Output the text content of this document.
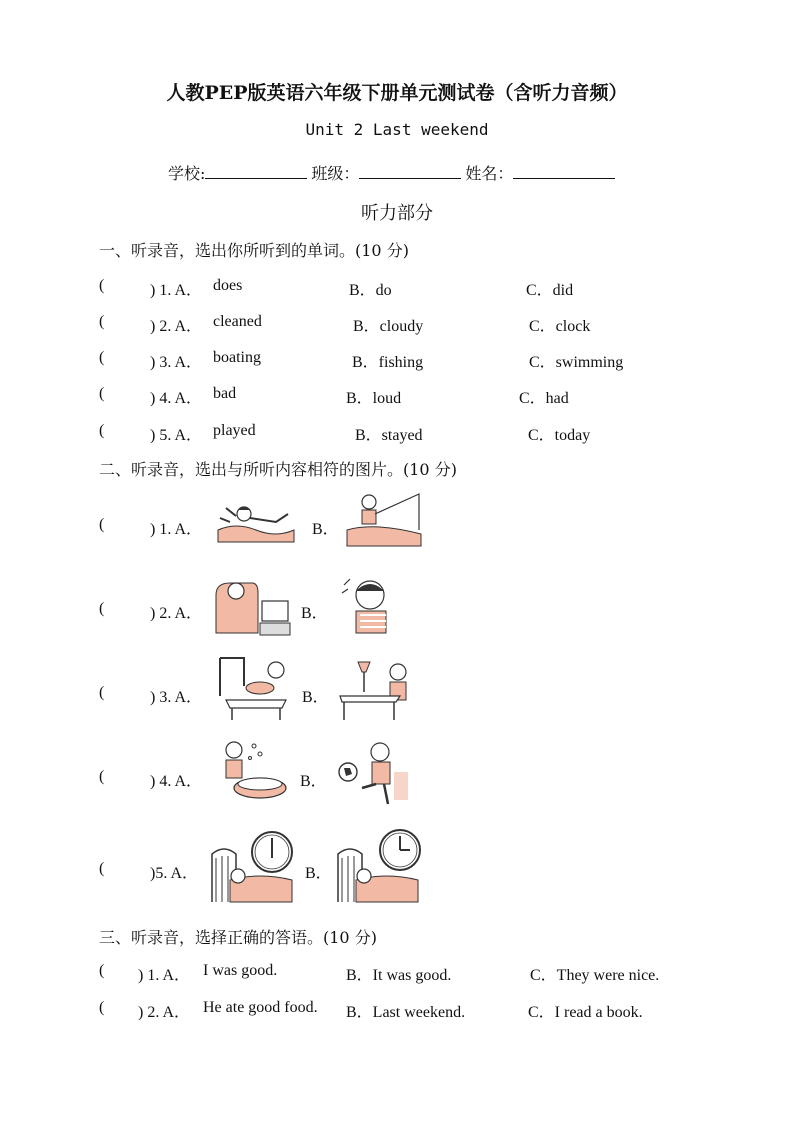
人教PEP版英语六年级下册单元测试卷（含听力音频）
Unit 2 Last weekend
学校:	班级：	姓名：
听力部分
一、听录音，选出你所听到的单词。(10 分)
(	) 1. A． does	B．do	C．did
(	) 2. A． cleaned	B．cloudy	C．clock
(	) 3. A． boating	B．fishing	C．swimming
(	) 4. A． bad	B．loud	C．had
(	) 5. A． played	B．stayed	C．today
二、听录音，选出与所听内容相符的图片。(10 分)
(	) 1. A．	B．
(	) 2. A．	B．
(	) 3. A．	B．
(	) 4. A．	B．
(	)5. A．	B．
三、听录音，选择正确的答语。(10 分)
( ) 1. A． I was good.	B．It was good.	C．They were nice.
( ) 2. A． He ate good food. B．Last weekend.	C．I read a book.
